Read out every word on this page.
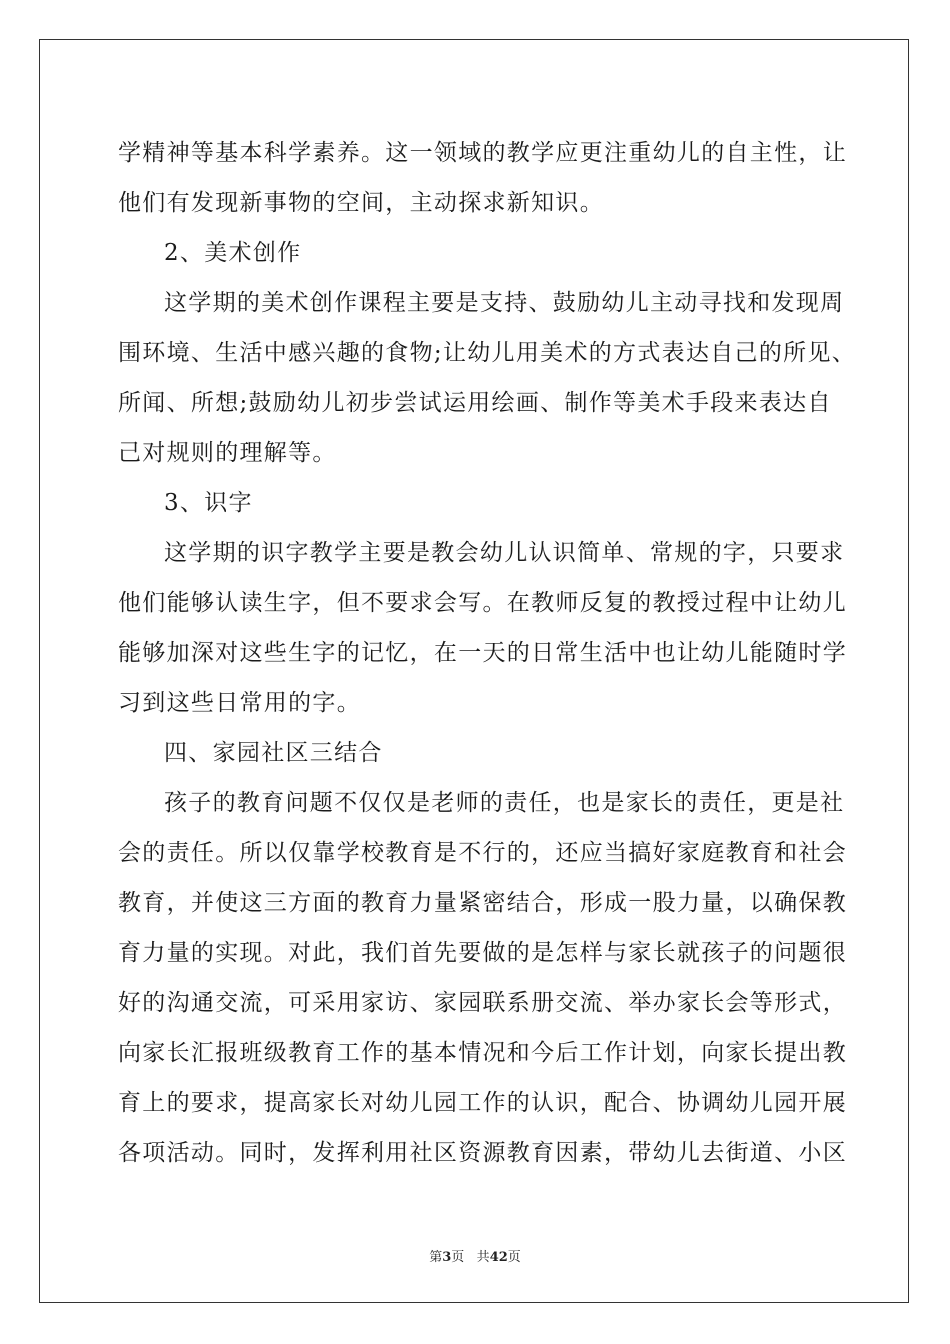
学精神等基本科学素养。这一领域的教学应更注重幼儿的自主性，让
他们有发现新事物的空间，主动探求新知识。
2、美术创作
这学期的美术创作课程主要是支持、鼓励幼儿主动寻找和发现周
围环境、生活中感兴趣的食物;让幼儿用美术的方式表达自己的所见、
所闻、所想;鼓励幼儿初步尝试运用绘画、制作等美术手段来表达自
己对规则的理解等。
3、识字
这学期的识字教学主要是教会幼儿认识简单、常规的字，只要求
他们能够认读生字，但不要求会写。在教师反复的教授过程中让幼儿
能够加深对这些生字的记忆，在一天的日常生活中也让幼儿能随时学
习到这些日常用的字。
四、家园社区三结合
孩子的教育问题不仅仅是老师的责任，也是家长的责任，更是社
会的责任。所以仅靠学校教育是不行的，还应当搞好家庭教育和社会
教育，并使这三方面的教育力量紧密结合，形成一股力量，以确保教
育力量的实现。对此，我们首先要做的是怎样与家长就孩子的问题很
好的沟通交流，可采用家访、家园联系册交流、举办家长会等形式，
向家长汇报班级教育工作的基本情况和今后工作计划，向家长提出教
育上的要求，提高家长对幼儿园工作的认识，配合、协调幼儿园开展
各项活动。同时，发挥利用社区资源教育因素，带幼儿去街道、小区
第3页 共42页
